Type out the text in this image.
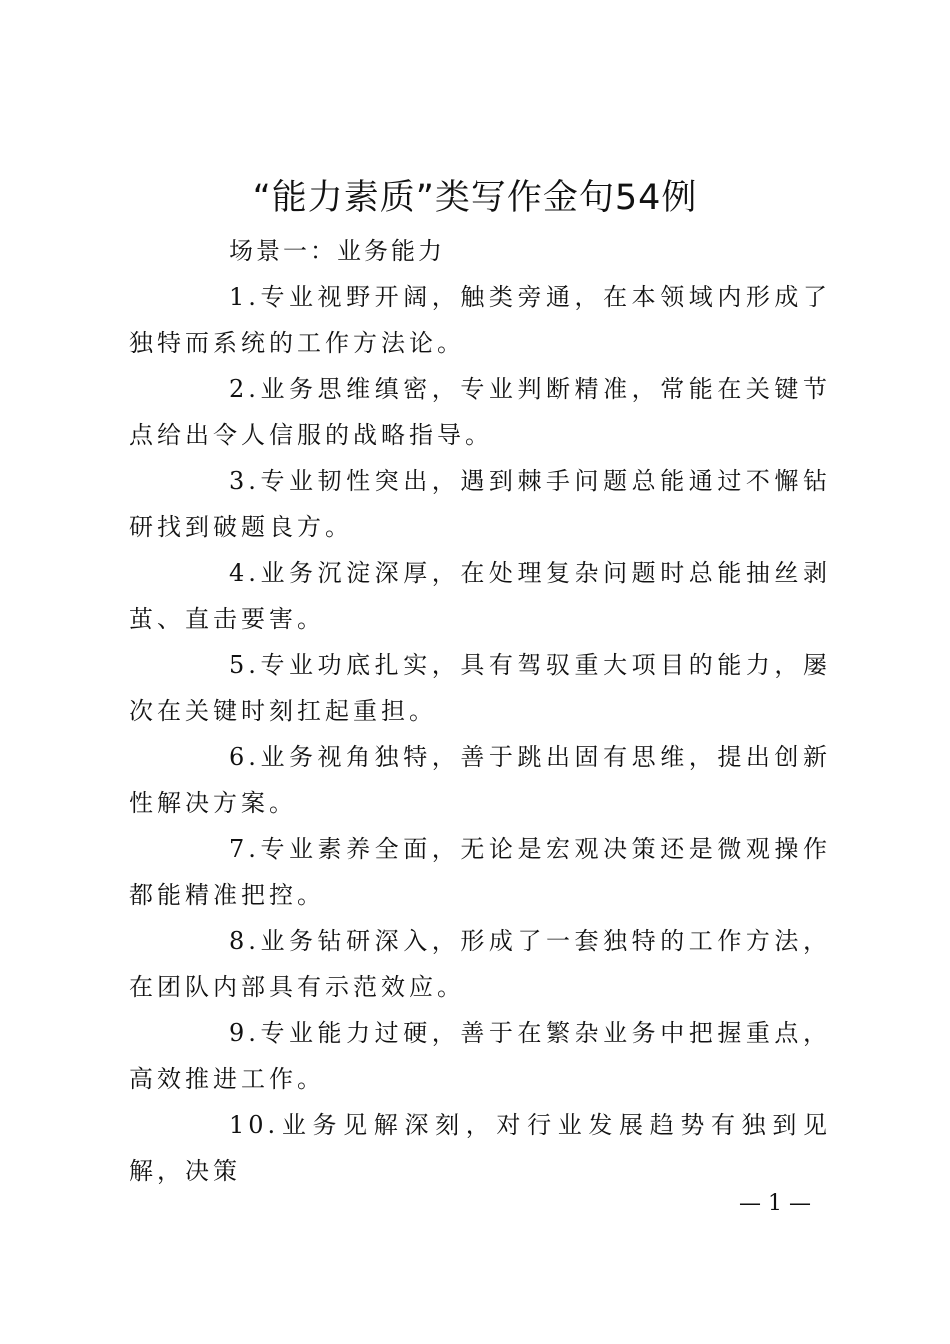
“能力素质”类写作金句54例

场景一：业务能力

1.专业视野开阔，触类旁通，在本领域内形成了独特而系统的工作方法论。

2.业务思维缜密，专业判断精准，常能在关键节点给出令人信服的战略指导。

3.专业韧性突出，遇到棘手问题总能通过不懈钻研找到破题良方。

4.业务沉淀深厚，在处理复杂问题时总能抽丝剥茧、直击要害。

5.专业功底扎实，具有驾驭重大项目的能力，屡次在关键时刻扛起重担。

6.业务视角独特，善于跳出固有思维，提出创新性解决方案。

7.专业素养全面，无论是宏观决策还是微观操作都能精准把控。

8.业务钻研深入，形成了一套独特的工作方法，在团队内部具有示范效应。

9.专业能力过硬，善于在繁杂业务中把握重点，高效推进工作。

10.业务见解深刻，对行业发展趋势有独到见解，决策

— 1 —
